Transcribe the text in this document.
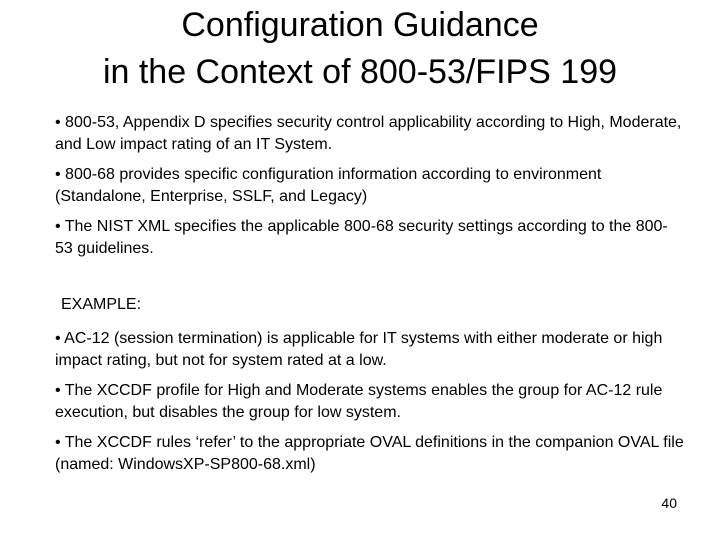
Configuration Guidance
in the Context of 800-53/FIPS 199

• 800-53, Appendix D specifies security control applicability according to High, Moderate, and Low impact rating of an IT System.

• 800-68 provides specific configuration information according to environment (Standalone, Enterprise, SSLF, and Legacy)

• The NIST XML specifies the applicable 800-68 security settings according to the 800-53 guidelines.

EXAMPLE:

• AC-12 (session termination) is applicable for IT systems with either moderate or high impact rating, but not for system rated at a low.

• The XCCDF profile for High and Moderate systems enables the group for AC-12 rule execution, but disables the group for low system.

• The XCCDF rules ‘refer’ to the appropriate OVAL definitions in the companion OVAL file (named: WindowsXP-SP800-68.xml)

40
